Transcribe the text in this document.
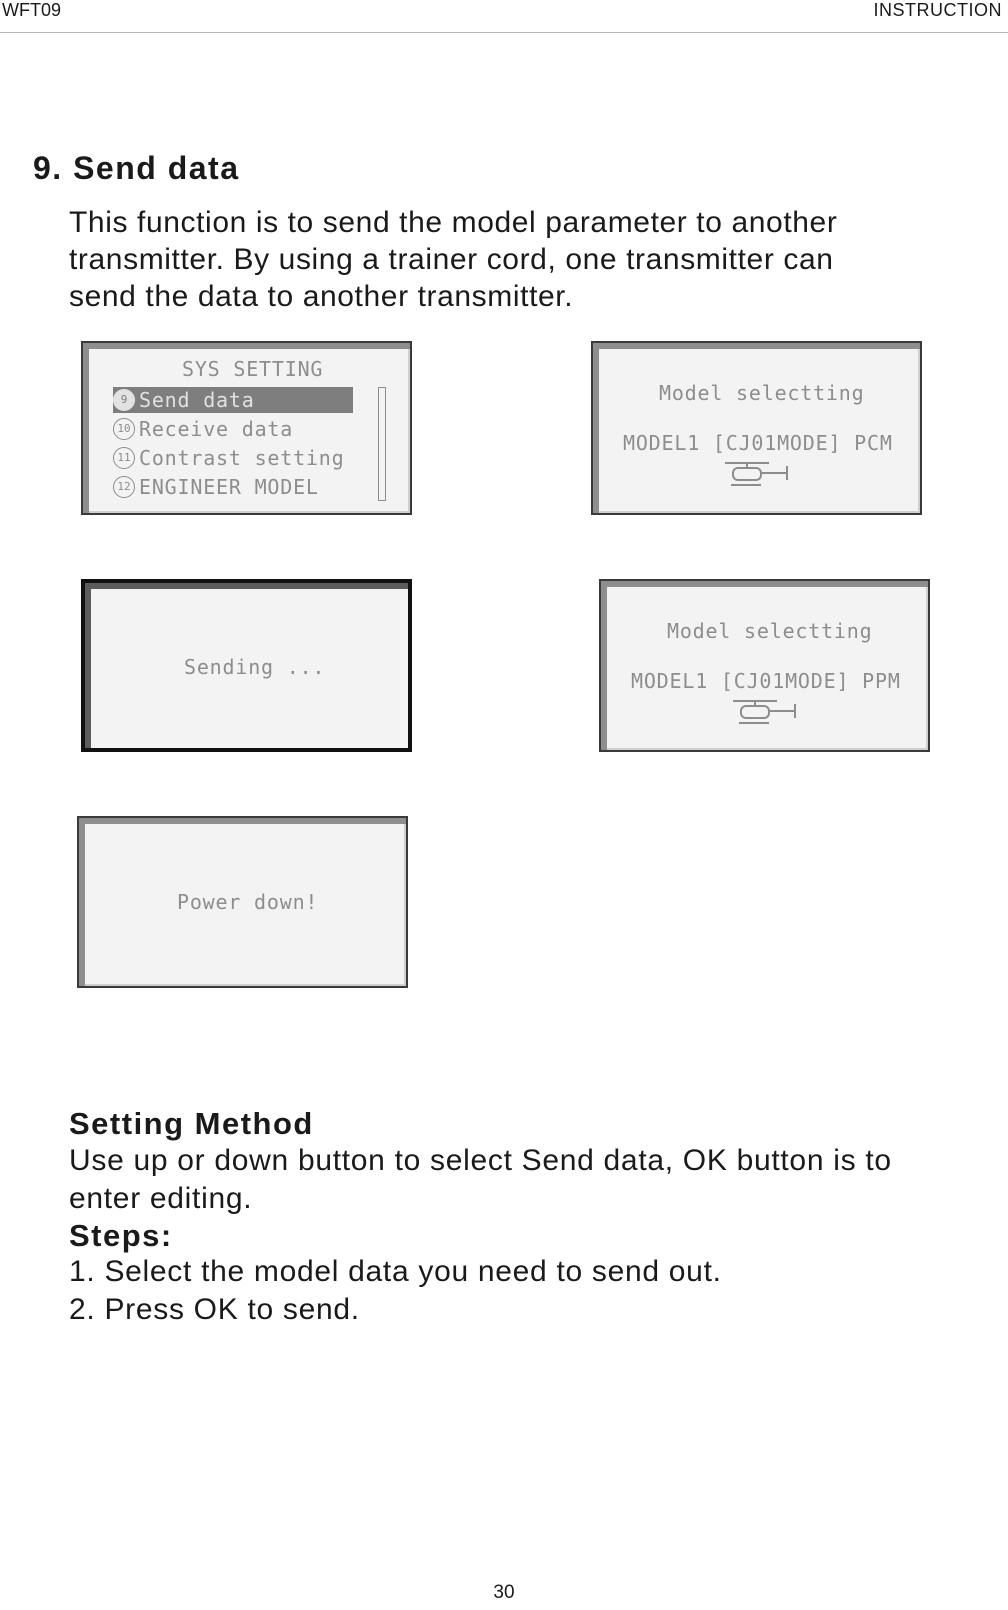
WFT09	INSTRUCTION
9. Send data
This function is to send the model parameter to another
transmitter. By using a trainer cord, one transmitter can
send the data to another transmitter.
SYS SETTING
9 Send data
10 Receive data
11 Contrast setting
12 ENGINEER MODEL
Model selectting
MODEL1 [CJ01MODE] PCM
Sending ...
Model selectting
MODEL1 [CJ01MODE] PPM
Power down!
Setting Method
Use up or down button to select Send data, OK button is to
enter editing.
Steps:
1. Select the model data you need to send out.
2. Press OK to send.
30
